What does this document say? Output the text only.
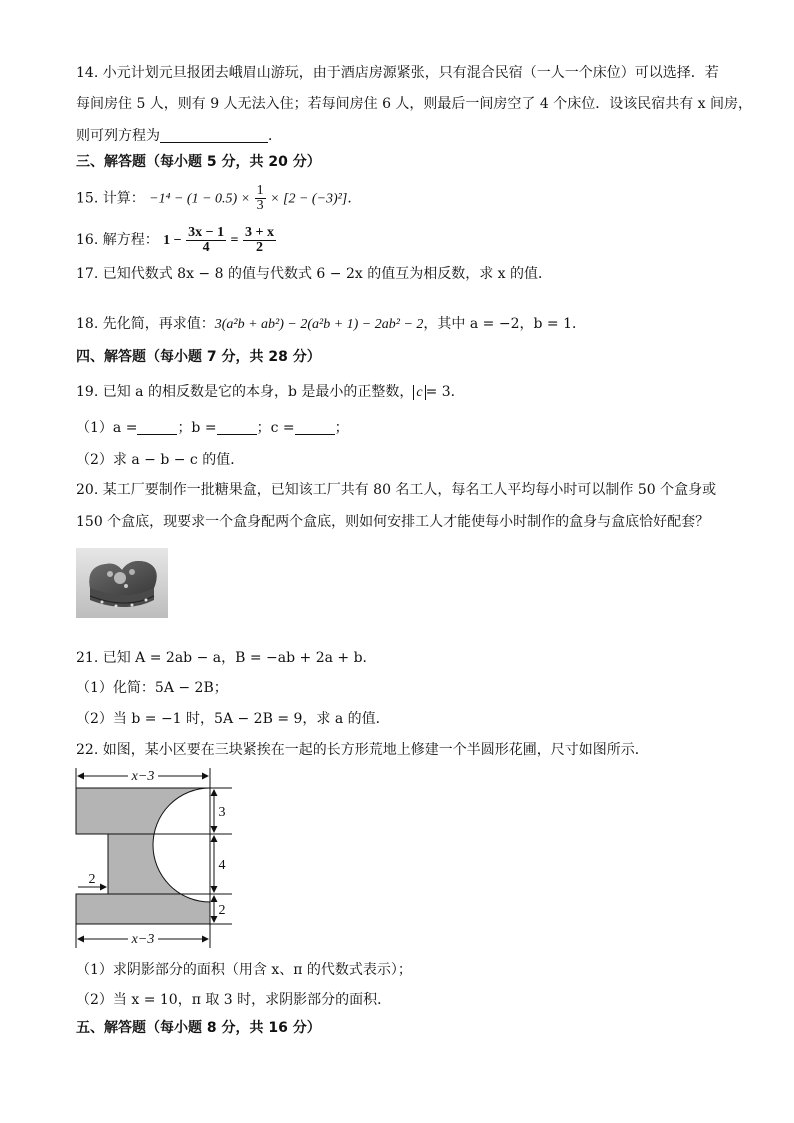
14. 小元计划元旦报团去峨眉山游玩，由于酒店房源紧张，只有混合民宿（一人一个床位）可以选择．若
每间房住 5 人，则有 9 人无法入住；若每间房住 6 人，则最后一间房空了 4 个床位．设该民宿共有 x 间房，
则可列方程为	．
三、解答题（每小题 5 分，共 20 分）
15. 计算： $-1^4 - (1 - 0.5) \times \frac{1}{3} \times [2 - (-3)^2]$．
16. 解方程： $1 - \frac{3x - 1}{4} = \frac{3 + x}{2}$
17. 已知代数式 8x − 8 的值与代数式 6 − 2x 的值互为相反数，求 x 的值．
18. 先化简，再求值：3(a²b + ab²) − 2(a²b + 1) − 2ab² − 2，其中 a = −2，b = 1．
四、解答题（每小题 7 分，共 28 分）
19. 已知 a 的相反数是它的本身，b 是最小的正整数， c = 3．
（1）a =	；b =	；c =	；
（2）求 a − b − c 的值．
20. 某工厂要制作一批糖果盒，已知该工厂共有 80 名工人，每名工人平均每小时可以制作 50 个盒身或
150 个盒底，现要求一个盒身配两个盒底，则如何安排工人才能使每小时制作的盒身与盒底恰好配套？
21. 已知 A = 2ab − a，B = −ab + 2a + b．
（1）化简：5A − 2B；
（2）当 b = −1 时，5A − 2B = 9，求 a 的值．
22. 如图，某小区要在三块紧挨在一起的长方形荒地上修建一个半圆形花圃，尺寸如图所示．
x−3
x−3
2
3
4
2
（1）求阴影部分的面积（用含 x、π 的代数式表示）；
（2）当 x = 10，π 取 3 时，求阴影部分的面积．
五、解答题（每小题 8 分，共 16 分）
